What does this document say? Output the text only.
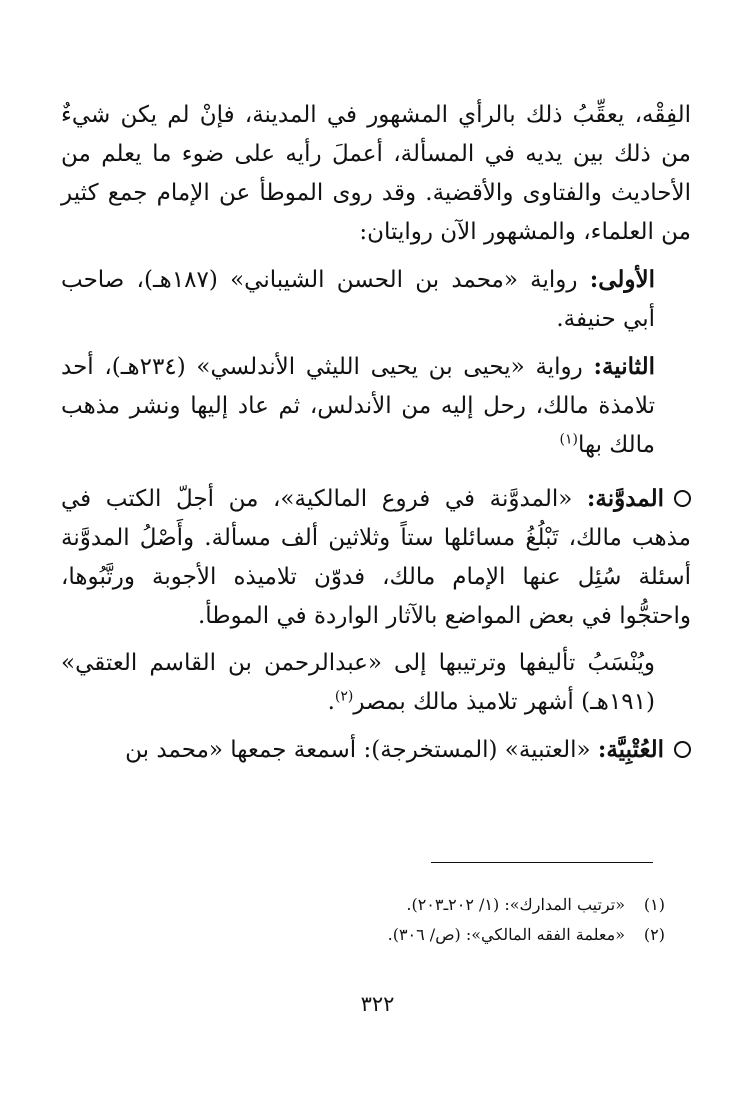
الفِقْه، يعقِّبُ ذلك بالرأي المشهور في المدينة، فإنْ لم يكن شيءٌ من ذلك بين يديه في المسألة، أعملَ رأيه على ضوء ما يعلم من الأحاديث والفتاوى والأقضية. وقد روى الموطأ عن الإمام جمع كثير من العلماء، والمشهور الآن روايتان:

الأولى: رواية «محمد بن الحسن الشيباني» (١٨٧هـ)، صاحب أبي حنيفة.

الثانية: رواية «يحيى بن يحيى الليثي الأندلسي» (٢٣٤هـ)، أحد تلامذة مالك، رحل إليه من الأندلس، ثم عاد إليها ونشر مذهب مالك بها$^{(١)}$

المدوَّنة: «المدوَّنة في فروع المالكية»، من أجلّ الكتب في مذهب مالك، تَبْلُغُ مسائلها ستاً وثلاثين ألف مسألة. وأَصْلُ المدوَّنة أسئلة سُئِل عنها الإمام مالك، فدوّن تلاميذه الأجوبة ورتَّبُوها، واحتجُّوا في بعض المواضع بالآثار الواردة في الموطأ.

ويُنْسَبُ تأليفها وترتيبها إلى «عبدالرحمن بن القاسم العتقي» (١٩١هـ) أشهر تلاميذ مالك بمصر$^{(٢)}$.

العُتْبِيَّة: «العتبية» (المستخرجة): أسمعة جمعها «محمد بن

(١)«ترتيب المدارك»: (١/ ٢٠٢ـ٢٠٣).

(٢)«معلمة الفقه المالكي»: (ص/ ٣٠٦).

٣٢٢
